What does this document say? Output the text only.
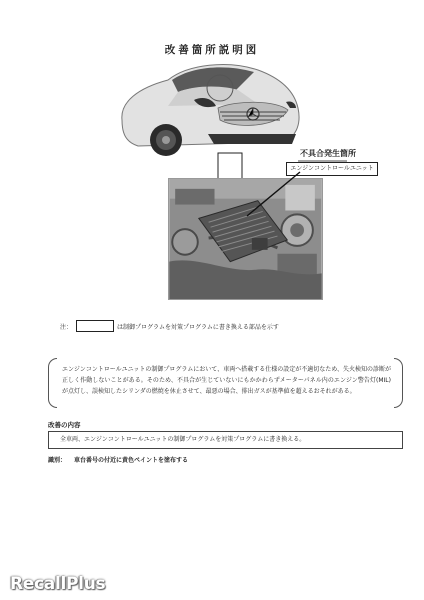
改善箇所説明図
不具合発生箇所
エンジンコントロールユニット
注：	は制御プログラムを対策プログラムに書き換える部品を示す
エンジンコントロールユニットの制御プログラムにおいて、車両へ搭載する仕様の設定が不適切なため、失火検知の診断が正しく作動しないことがある。そのため、不具合が生じていないにもかかわらずメーターパネル内のエンジン警告灯(MIL)が点灯し、誤検知したシリンダの燃焼を休止させて、最悪の場合、排出ガスが基準値を超えるおそれがある。
改善の内容
全車両、エンジンコントロールユニットの制御プログラムを対策プログラムに書き換える。
識別： 車台番号の付近に黄色ペイントを塗布する
RecallPlus
